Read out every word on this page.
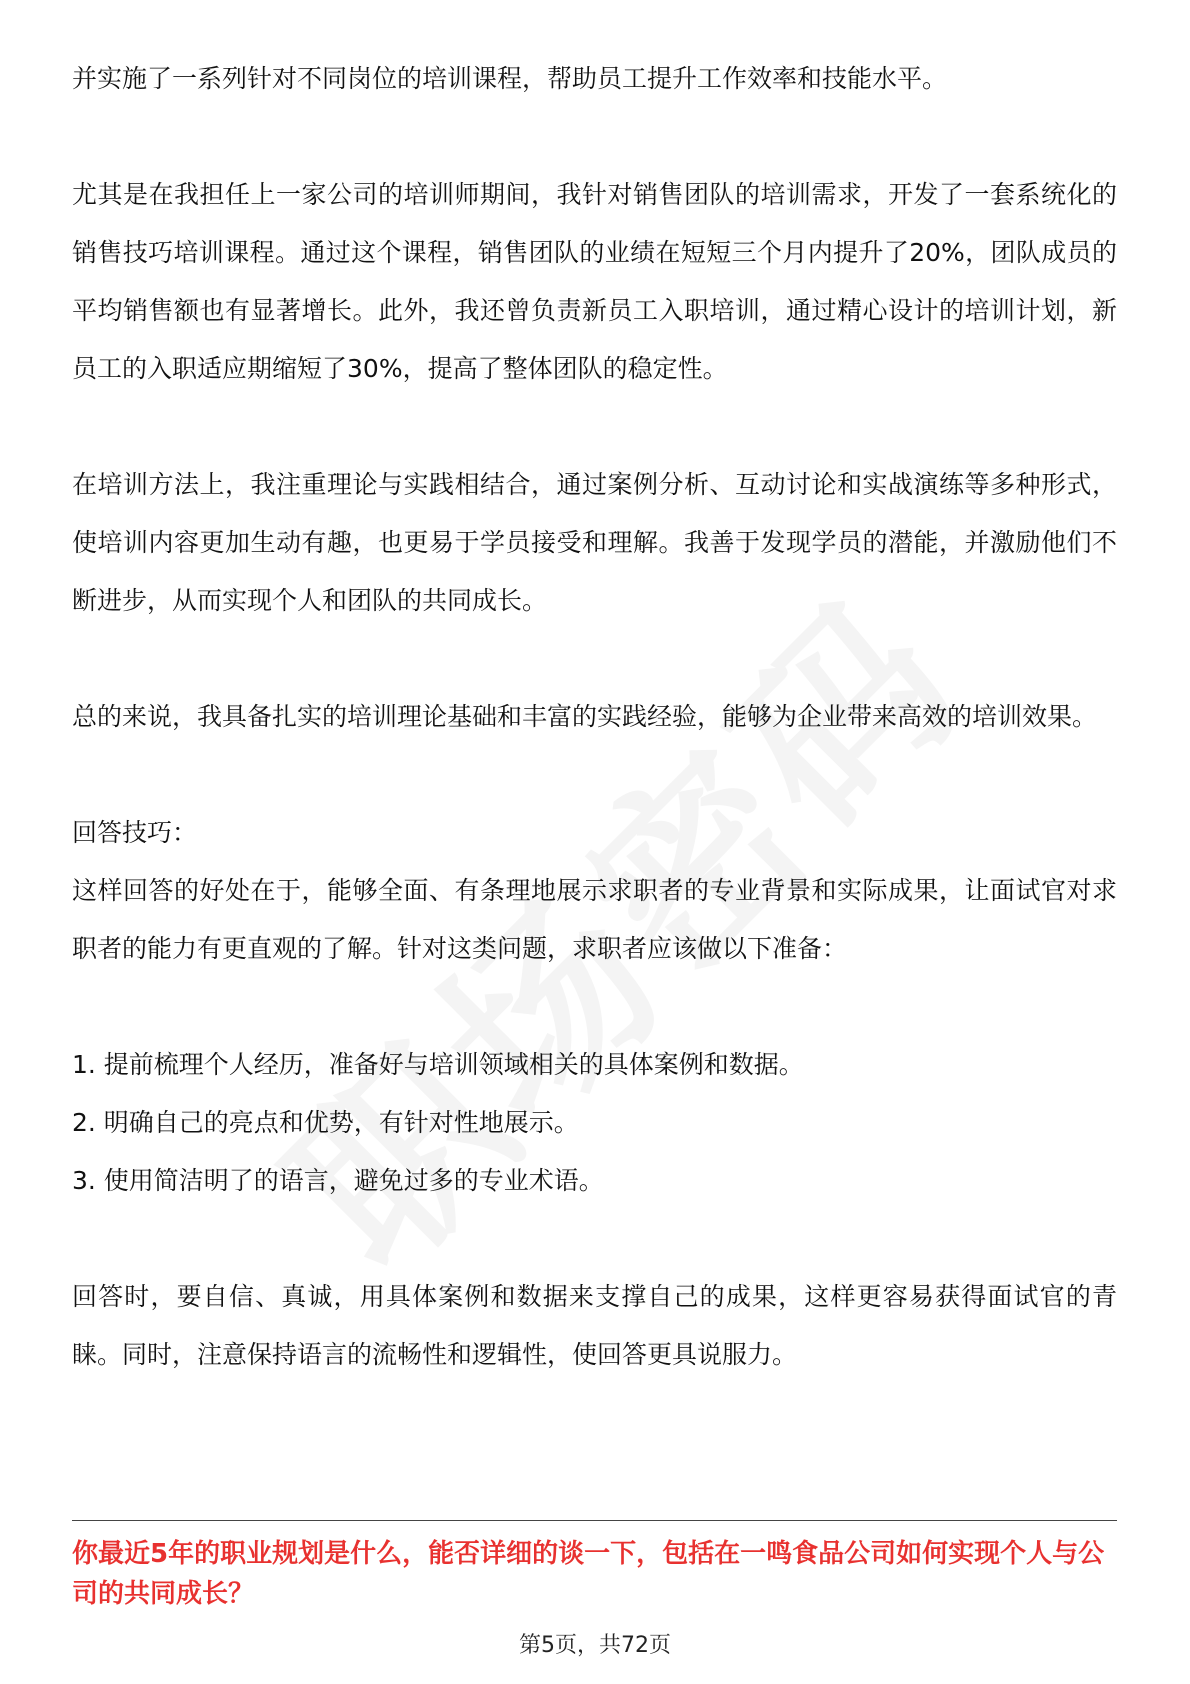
并实施了一系列针对不同岗位的培训课程，帮助员工提升工作效率和技能水平。

尤其是在我担任上一家公司的培训师期间，我针对销售团队的培训需求，开发了一套系统化的销售技巧培训课程。通过这个课程，销售团队的业绩在短短三个月内提升了20%，团队成员的平均销售额也有显著增长。此外，我还曾负责新员工入职培训，通过精心设计的培训计划，新员工的入职适应期缩短了30%，提高了整体团队的稳定性。

在培训方法上，我注重理论与实践相结合，通过案例分析、互动讨论和实战演练等多种形式，使培训内容更加生动有趣，也更易于学员接受和理解。我善于发现学员的潜能，并激励他们不断进步，从而实现个人和团队的共同成长。

总的来说，我具备扎实的培训理论基础和丰富的实践经验，能够为企业带来高效的培训效果。

回答技巧：

这样回答的好处在于，能够全面、有条理地展示求职者的专业背景和实际成果，让面试官对求职者的能力有更直观的了解。针对这类问题，求职者应该做以下准备：

1. 提前梳理个人经历，准备好与培训领域相关的具体案例和数据。
2. 明确自己的亮点和优势，有针对性地展示。
3. 使用简洁明了的语言，避免过多的专业术语。

回答时，要自信、真诚，用具体案例和数据来支撑自己的成果，这样更容易获得面试官的青睐。同时，注意保持语言的流畅性和逻辑性，使回答更具说服力。

你最近5年的职业规划是什么，能否详细的谈一下，包括在一鸣食品公司如何实现个人与公司的共同成长？
第5页，共72页
